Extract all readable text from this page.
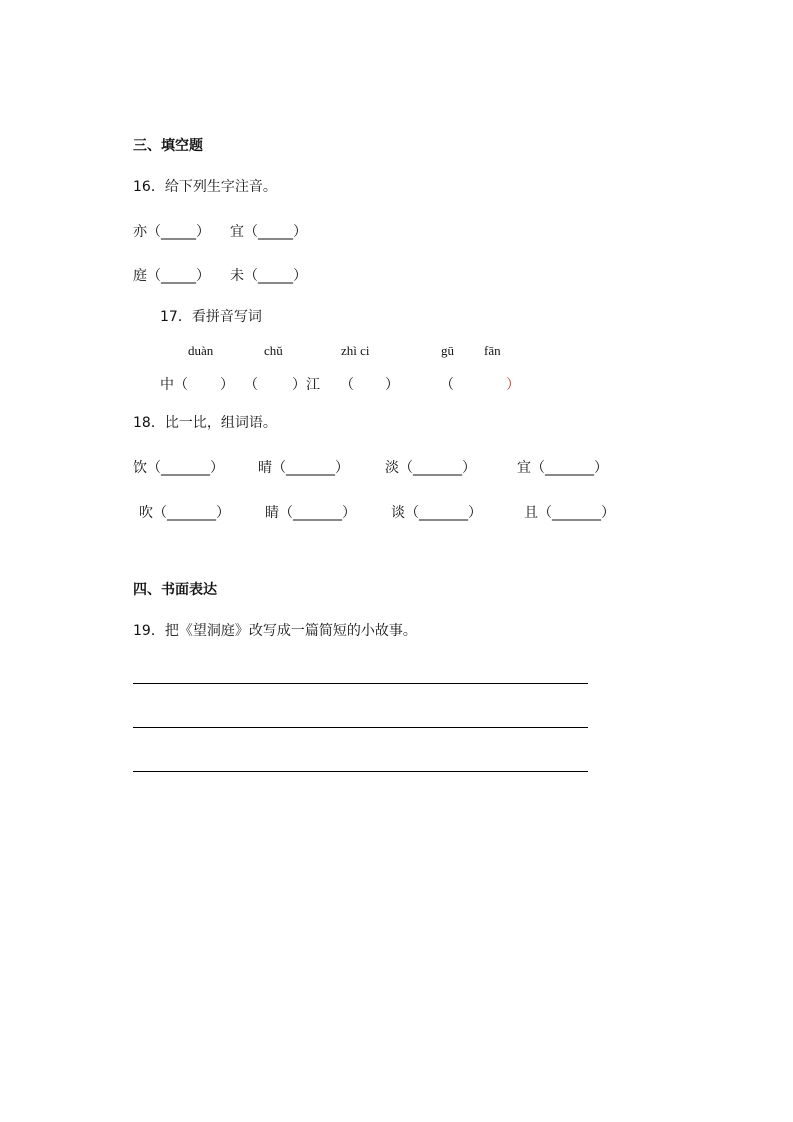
三、填空题
16．给下列生字注音。
亦（_____） 宜（_____）
庭（_____） 未（_____）
17．看拼音写词
duàn	chǔ	zhì ci	gū fān
中（ ） （ ）江 （ ）	（	）
18．比一比，组词语。
饮（_______） 晴（_______）	淡（_______）	宜（_______）
吹（_______）	睛（_______）	谈（_______）	且（_______）
四、书面表达
19．把《望洞庭》改写成一篇简短的小故事。
